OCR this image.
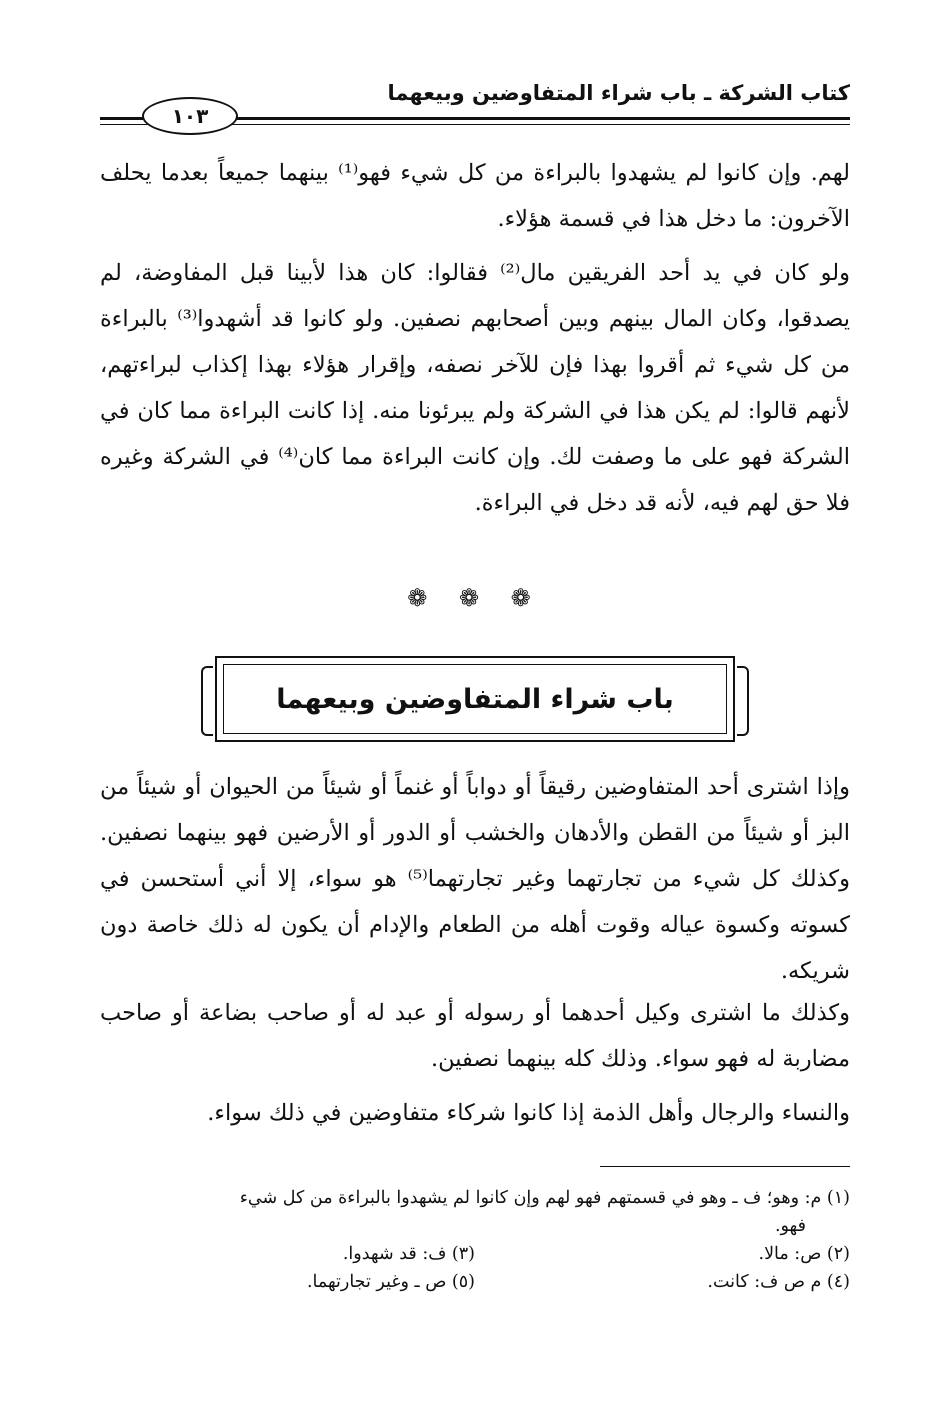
كتاب الشركة ـ باب شراء المتفاوضين وبيعهما
١٠٣

لهم. وإن كانوا لم يشهدوا بالبراءة من كل شيء فهو⁽¹⁾ بينهما جميعاً بعدما يحلف الآخرون: ما دخل هذا في قسمة هؤلاء.

ولو كان في يد أحد الفريقين مال⁽²⁾ فقالوا: كان هذا لأبينا قبل المفاوضة، لم يصدقوا، وكان المال بينهم وبين أصحابهم نصفين. ولو كانوا قد أشهدوا⁽³⁾ بالبراءة من كل شيء ثم أقروا بهذا فإن للآخر نصفه، وإقرار هؤلاء بهذا إكذاب لبراءتهم، لأنهم قالوا: لم يكن هذا في الشركة ولم يبرئونا منه. إذا كانت البراءة مما كان في الشركة فهو على ما وصفت لك. وإن كانت البراءة مما كان⁽⁴⁾ في الشركة وغيره فلا حق لهم فيه، لأنه قد دخل في البراءة.

❁ ❁ ❁
باب شراء المتفاوضين وبيعهما

وإذا اشترى أحد المتفاوضين رقيقاً أو دواباً أو غنماً أو شيئاً من الحيوان أو شيئاً من البز أو شيئاً من القطن والأدهان والخشب أو الدور أو الأرضين فهو بينهما نصفين. وكذلك كل شيء من تجارتهما وغير تجارتهما⁽⁵⁾ هو سواء، إلا أني أستحسن في كسوته وكسوة عياله وقوت أهله من الطعام والإدام أن يكون له ذلك خاصة دون شريكه.

وكذلك ما اشترى وكيل أحدهما أو رسوله أو عبد له أو صاحب بضاعة أو صاحب مضاربة له فهو سواء. وذلك كله بينهما نصفين.

والنساء والرجال وأهل الذمة إذا كانوا شركاء متفاوضين في ذلك سواء.

(١) م: وهو؛ ف ـ وهو في قسمتهم فهو لهم وإن كانوا لم يشهدوا بالبراءة من كل شيء
فهو.
(٢) ص: مالا.
(٣) ف: قد شهدوا.
(٤) م ص ف: كانت.
(٥) ص ـ وغير تجارتهما.
